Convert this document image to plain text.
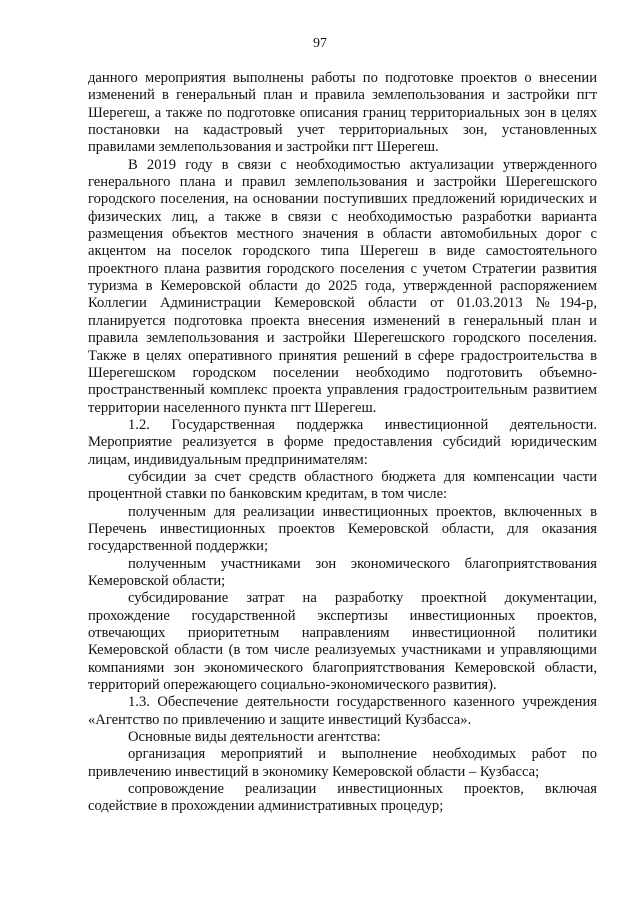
97

данного мероприятия выполнены работы по подготовке проектов о внесении изменений в генеральный план и правила землепользования и застройки пгт Шерегеш, а также по подготовке описания границ территориальных зон в целях постановки на кадастровый учет территориальных зон, установленных правилами землепользования и застройки пгт Шерегеш.

В 2019 году в связи с необходимостью актуализации утвержденного генерального плана и правил землепользования и застройки Шерегешского городского поселения, на основании поступивших предложений юридических и физических лиц, а также в связи с необходимостью разработки варианта размещения объектов местного значения в области автомобильных дорог с акцентом на поселок городского типа Шерегеш в виде самостоятельного проектного плана развития городского поселения с учетом Стратегии развития туризма в Кемеровской области до 2025 года, утвержденной распоряжением Коллегии Администрации Кемеровской области от 01.03.2013 №194-р, планируется подготовка проекта внесения изменений в генеральный план и правила землепользования и застройки Шерегешского городского поселения. Также в целях оперативного принятия решений в сфере градостроительства в Шерегешском городском поселении необходимо подготовить объемно-пространственный комплекс проекта управления градостроительным развитием территории населенного пункта пгт Шерегеш.

1.2. Государственная поддержка инвестиционной деятельности. Мероприятие реализуется в форме предоставления субсидий юридическим лицам, индивидуальным предпринимателям:

субсидии за счет средств областного бюджета для компенсации части процентной ставки по банковским кредитам, в том числе:

полученным для реализации инвестиционных проектов, включенных в Перечень инвестиционных проектов Кемеровской области, для оказания государственной поддержки;

полученным участниками зон экономического благоприятствования Кемеровской области;

субсидирование затрат на разработку проектной документации, прохождение государственной экспертизы инвестиционных проектов, отвечающих приоритетным направлениям инвестиционной политики Кемеровской области (в том числе реализуемых участниками и управляющими компаниями зон экономического благоприятствования Кемеровской области, территорий опережающего социально-экономического развития).

1.3. Обеспечение деятельности государственного казенного учреждения «Агентство по привлечению и защите инвестиций Кузбасса».

Основные виды деятельности агентства:

организация мероприятий и выполнение необходимых работ по привлечению инвестиций в экономику Кемеровской области – Кузбасса;

сопровождение реализации инвестиционных проектов, включая содействие в прохождении административных процедур;
